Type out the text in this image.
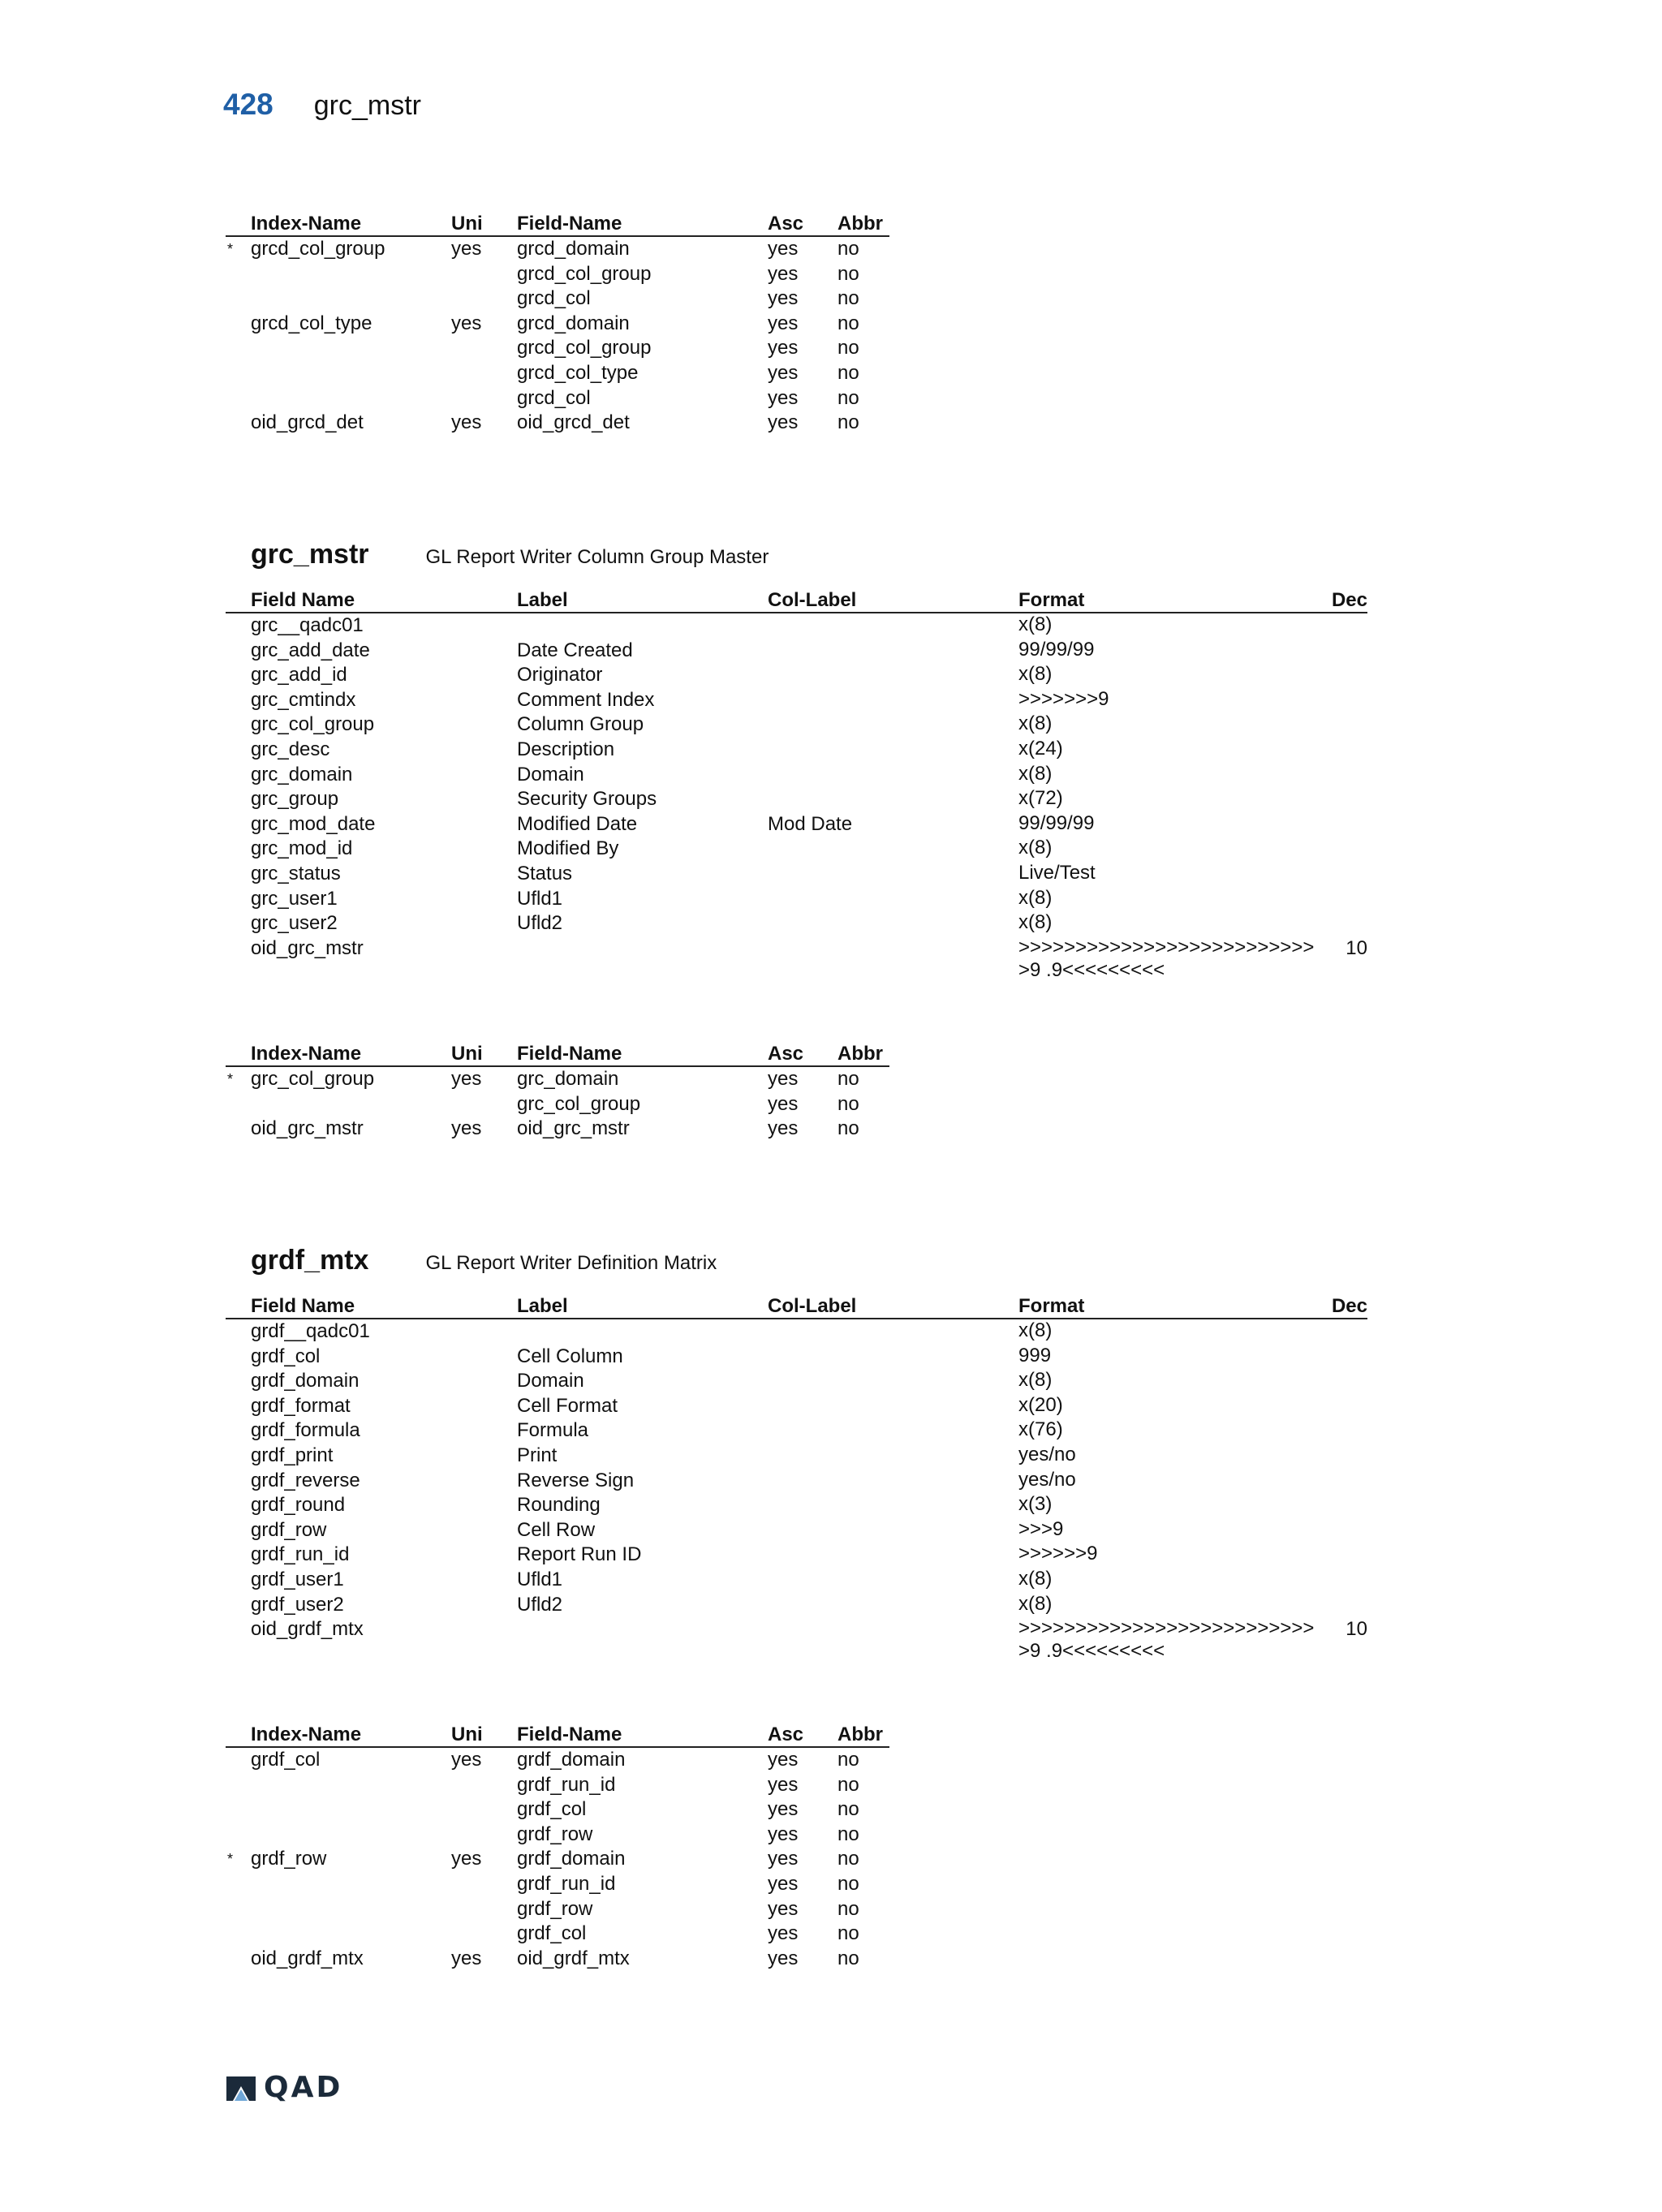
428 grc_mstr
	Index-Name	Uni	Field-Name	Asc	Abbr
*	grcd_col_group	yes	grcd_domain	yes	no
			grcd_col_group	yes	no
			grcd_col	yes	no
	grcd_col_type	yes	grcd_domain	yes	no
			grcd_col_group	yes	no
			grcd_col_type	yes	no
			grcd_col	yes	no
	oid_grcd_det	yes	oid_grcd_det	yes	no
grc_mstr	GL Report Writer Column Group Master
	Field Name	Label	Col-Label	Format	Dec
	grc__qadc01			x(8)	
	grc_add_date	Date Created		99/99/99	
	grc_add_id	Originator		x(8)	
	grc_cmtindx	Comment Index		>>>>>>>9	
	grc_col_group	Column Group		x(8)	
	grc_desc	Description		x(24)	
	grc_domain	Domain		x(8)	
	grc_group	Security Groups		x(72)	
	grc_mod_date	Modified Date	Mod Date	99/99/99	
	grc_mod_id	Modified By		x(8)	
	grc_status	Status		Live/Test	
	grc_user1	Ufld1		x(8)	
	grc_user2	Ufld2		x(8)	
	oid_grc_mstr			>>>>>>>>>>>>>>>>>>>>>>>>>>>9 .9<<<<<<<<<	10
	Index-Name	Uni	Field-Name	Asc	Abbr
*	grc_col_group	yes	grc_domain	yes	no
			grc_col_group	yes	no
	oid_grc_mstr	yes	oid_grc_mstr	yes	no
grdf_mtx	GL Report Writer Definition Matrix
	Field Name	Label	Col-Label	Format	Dec
	grdf__qadc01			x(8)	
	grdf_col	Cell Column		999	
	grdf_domain	Domain		x(8)	
	grdf_format	Cell Format		x(20)	
	grdf_formula	Formula		x(76)	
	grdf_print	Print		yes/no	
	grdf_reverse	Reverse Sign		yes/no	
	grdf_round	Rounding		x(3)	
	grdf_row	Cell Row		>>>9	
	grdf_run_id	Report Run ID		>>>>>>9	
	grdf_user1	Ufld1		x(8)	
	grdf_user2	Ufld2		x(8)	
	oid_grdf_mtx			>>>>>>>>>>>>>>>>>>>>>>>>>>>9 .9<<<<<<<<<	10
	Index-Name	Uni	Field-Name	Asc	Abbr
	grdf_col	yes	grdf_domain	yes	no
			grdf_run_id	yes	no
			grdf_col	yes	no
			grdf_row	yes	no
*	grdf_row	yes	grdf_domain	yes	no
			grdf_run_id	yes	no
			grdf_row	yes	no
			grdf_col	yes	no
	oid_grdf_mtx	yes	oid_grdf_mtx	yes	no
QAD
